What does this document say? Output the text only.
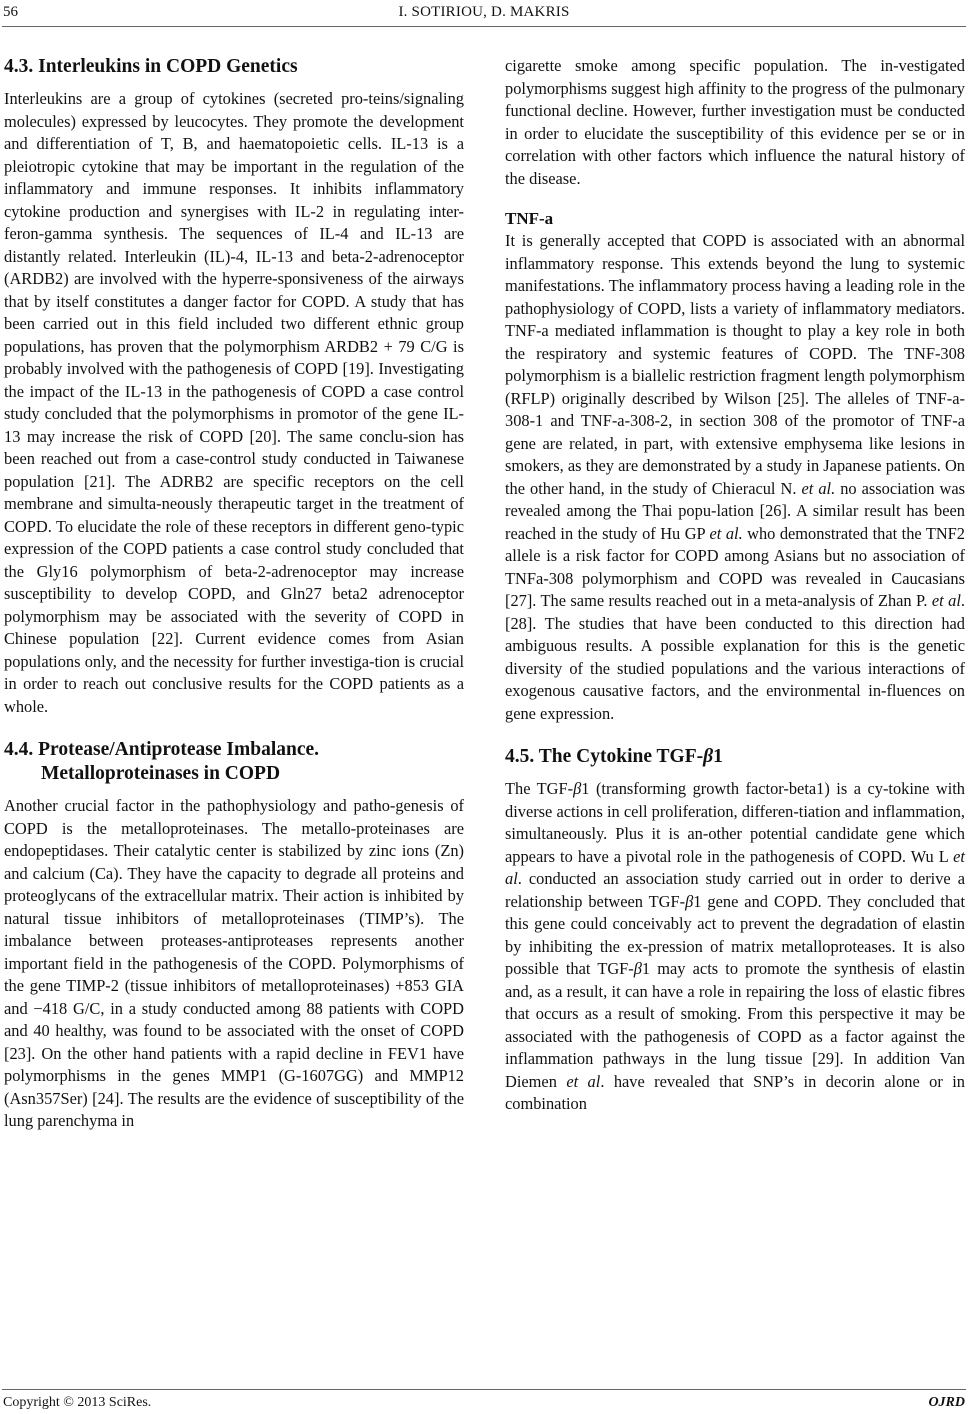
56	I. SOTIRIOU, D. MAKRIS
4.3. Interleukins in COPD Genetics

Interleukins are a group of cytokines (secreted pro-teins/signaling molecules) expressed by leucocytes. They promote the development and differentiation of T, B, and haematopoietic cells. IL-13 is a pleiotropic cytokine that may be important in the regulation of the inflammatory and immune responses. It inhibits inflammatory cytokine production and synergises with IL-2 in regulating inter-feron-gamma synthesis. The sequences of IL-4 and IL-13 are distantly related. Interleukin (IL)-4, IL-13 and beta-2-adrenoceptor (ARDB2) are involved with the hyperre-sponsiveness of the airways that by itself constitutes a danger factor for COPD. A study that has been carried out in this field included two different ethnic group populations, has proven that the polymorphism ARDB2 + 79 C/G is probably involved with the pathogenesis of COPD [19]. Investigating the impact of the IL-13 in the pathogenesis of COPD a case control study concluded that the polymorphisms in promotor of the gene IL-13 may increase the risk of COPD [20]. The same conclu-sion has been reached out from a case-control study conducted in Taiwanese population [21]. The ADRB2 are specific receptors on the cell membrane and simulta-neously therapeutic target in the treatment of COPD. To elucidate the role of these receptors in different geno-typic expression of the COPD patients a case control study concluded that the Gly16 polymorphism of beta-2-adrenoceptor may increase susceptibility to develop COPD, and Gln27 beta2 adrenoceptor polymorphism may be associated with the severity of COPD in Chinese population [22]. Current evidence comes from Asian populations only, and the necessity for further investiga-tion is crucial in order to reach out conclusive results for the COPD patients as a whole.

4.4. Protease/Antiprotease Imbalance.
Metalloproteinases in COPD

Another crucial factor in the pathophysiology and patho-genesis of COPD is the metalloproteinases. The metallo-proteinases are endopeptidases. Their catalytic center is stabilized by zinc ions (Zn) and calcium (Ca). They have the capacity to degrade all proteins and proteoglycans of the extracellular matrix. Their action is inhibited by natural tissue inhibitors of metalloproteinases (TIMP’s). The imbalance between proteases-antiproteases represents another important field in the pathogenesis of the COPD. Polymorphisms of the gene TIMP-2 (tissue inhibitors of metalloproteinases) +853 GIA and −418 G/C, in a study conducted among 88 patients with COPD and 40 healthy, was found to be associated with the onset of COPD [23]. On the other hand patients with a rapid decline in FEV1 have polymorphisms in the genes MMP1 (G-1607GG) and MMP12 (Asn357Ser) [24]. The results are the evidence of susceptibility of the lung parenchyma in

cigarette smoke among specific population. The in-vestigated polymorphisms suggest high affinity to the progress of the pulmonary functional decline. However, further investigation must be conducted in order to elucidate the susceptibility of this evidence per se or in correlation with other factors which influence the natural history of the disease.

TNF-a

It is generally accepted that COPD is associated with an abnormal inflammatory response. This extends beyond the lung to systemic manifestations. The inflammatory process having a leading role in the pathophysiology of COPD, lists a variety of inflammatory mediators. TNF-a mediated inflammation is thought to play a key role in both the respiratory and systemic features of COPD. The TNF-308 polymorphism is a biallelic restriction fragment length polymorphism (RFLP) originally described by Wilson [25]. The alleles of TNF-a-308-1 and TNF-a-308-2, in section 308 of the promotor of TNF-a gene are related, in part, with extensive emphysema like lesions in smokers, as they are demonstrated by a study in Japanese patients. On the other hand, in the study of Chieracul N. et al. no association was revealed among the Thai popu-lation [26]. A similar result has been reached in the study of Hu GP et al. who demonstrated that the TNF2 allele is a risk factor for COPD among Asians but no association of TNFa-308 polymorphism and COPD was revealed in Caucasians [27]. The same results reached out in a meta-analysis of Zhan P. et al. [28]. The studies that have been conducted to this direction had ambiguous results. A possible explanation for this is the genetic diversity of the studied populations and the various interactions of exogenous causative factors, and the environmental in-fluences on gene expression.

4.5. The Cytokine TGF-β1

The TGF-β1 (transforming growth factor-beta1) is a cy-tokine with diverse actions in cell proliferation, differen-tiation and inflammation, simultaneously. Plus it is an-other potential candidate gene which appears to have a pivotal role in the pathogenesis of COPD. Wu L et al. conducted an association study carried out in order to derive a relationship between TGF-β1 gene and COPD. They concluded that this gene could conceivably act to prevent the degradation of elastin by inhibiting the ex-pression of matrix metalloproteases. It is also possible that TGF-β1 may acts to promote the synthesis of elastin and, as a result, it can have a role in repairing the loss of elastic fibres that occurs as a result of smoking. From this perspective it may be associated with the pathogenesis of COPD as a factor against the inflammation pathways in the lung tissue [29]. In addition Van Diemen et al. have revealed that SNP’s in decorin alone or in combination

Copyright © 2013 SciRes.	OJRD
